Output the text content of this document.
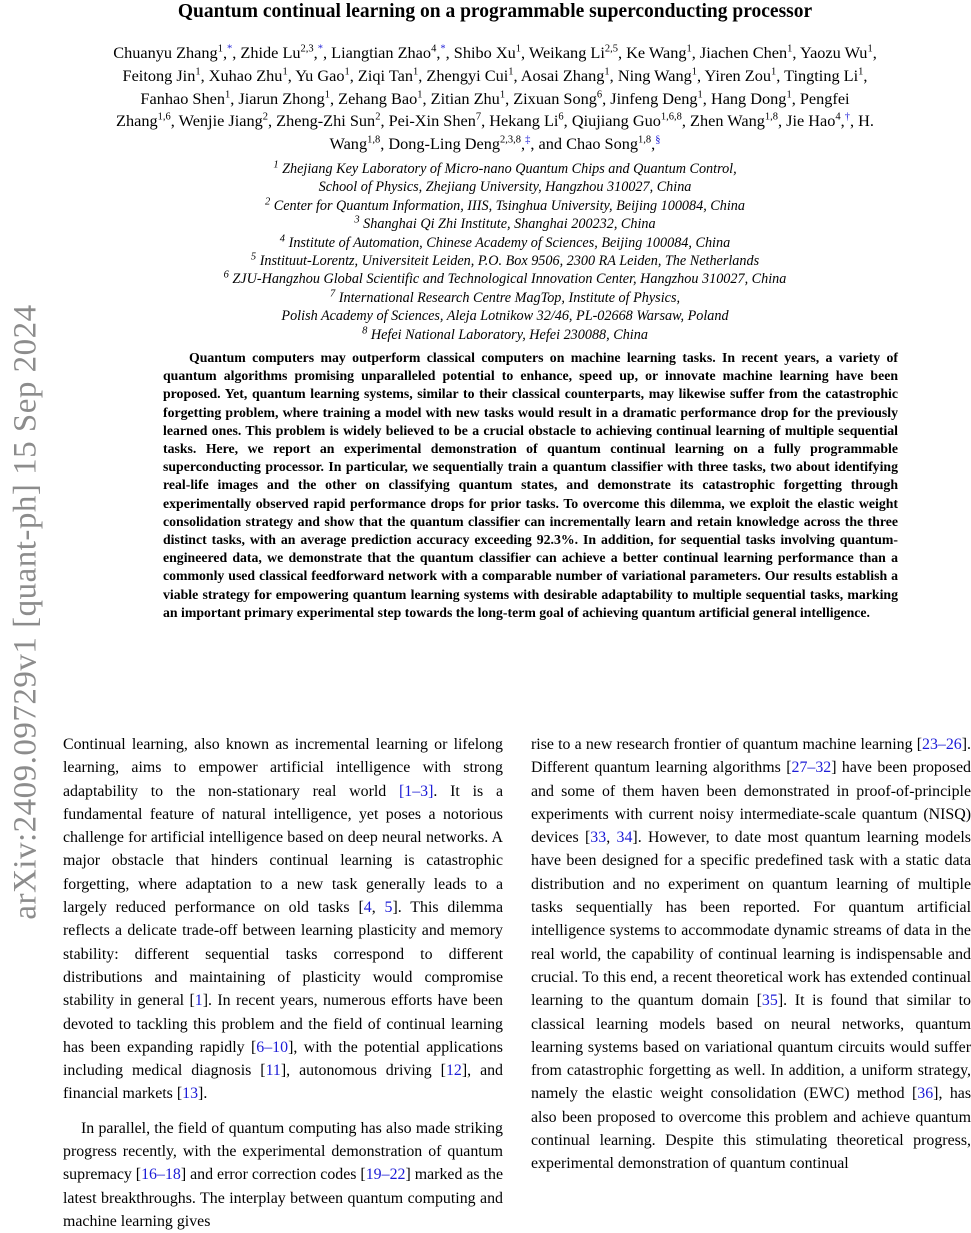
arXiv:2409.09729v1 [quant-ph] 15 Sep 2024
Quantum continual learning on a programmable superconducting processor
Chuanyu Zhang$^1$,*, Zhide Lu$^{2,3}$,*, Liangtian Zhao$^4$,*, Shibo Xu$^1$, Weikang Li$^{2,5}$, Ke Wang$^1$, Jiachen Chen$^1$, Yaozu Wu$^1$, Feitong Jin$^1$, Xuhao Zhu$^1$, Yu Gao$^1$, Ziqi Tan$^1$, Zhengyi Cui$^1$, Aosai Zhang$^1$, Ning Wang$^1$, Yiren Zou$^1$, Tingting Li$^1$, Fanhao Shen$^1$, Jiarun Zhong$^1$, Zehang Bao$^1$, Zitian Zhu$^1$, Zixuan Song$^6$, Jinfeng Deng$^1$, Hang Dong$^1$, Pengfei Zhang$^{1,6}$, Wenjie Jiang$^2$, Zheng-Zhi Sun$^2$, Pei-Xin Shen$^7$, Hekang Li$^6$, Qiujiang Guo$^{1,6,8}$, Zhen Wang$^{1,8}$, Jie Hao$^4$,†, H. Wang$^{1,8}$, Dong-Ling Deng$^{2,3,8}$,‡, and Chao Song$^{1,8}$,§
$^1$ Zhejiang Key Laboratory of Micro-nano Quantum Chips and Quantum Control,
School of Physics, Zhejiang University, Hangzhou 310027, China
$^2$ Center for Quantum Information, IIIS, Tsinghua University, Beijing 100084, China
$^3$ Shanghai Qi Zhi Institute, Shanghai 200232, China
$^4$ Institute of Automation, Chinese Academy of Sciences, Beijing 100084, China
$^5$ Instituut-Lorentz, Universiteit Leiden, P.O. Box 9506, 2300 RA Leiden, The Netherlands
$^6$ ZJU-Hangzhou Global Scientific and Technological Innovation Center, Hangzhou 310027, China
$^7$ International Research Centre MagTop, Institute of Physics,
Polish Academy of Sciences, Aleja Lotnikow 32/46, PL-02668 Warsaw, Poland
$^8$ Hefei National Laboratory, Hefei 230088, China
Quantum computers may outperform classical computers on machine learning tasks. In recent years, a variety of quantum algorithms promising unparalleled potential to enhance, speed up, or innovate machine learning have been proposed. Yet, quantum learning systems, similar to their classical counterparts, may likewise suffer from the catastrophic forgetting problem, where training a model with new tasks would result in a dramatic performance drop for the previously learned ones. This problem is widely believed to be a crucial obstacle to achieving continual learning of multiple sequential tasks. Here, we report an experimental demonstration of quantum continual learning on a fully programmable superconducting processor. In particular, we sequentially train a quantum classifier with three tasks, two about identifying real-life images and the other on classifying quantum states, and demonstrate its catastrophic forgetting through experimentally observed rapid performance drops for prior tasks. To overcome this dilemma, we exploit the elastic weight consolidation strategy and show that the quantum classifier can incrementally learn and retain knowledge across the three distinct tasks, with an average prediction accuracy exceeding 92.3%. In addition, for sequential tasks involving quantum-engineered data, we demonstrate that the quantum classifier can achieve a better continual learning performance than a commonly used classical feedforward network with a comparable number of variational parameters. Our results establish a viable strategy for empowering quantum learning systems with desirable adaptability to multiple sequential tasks, marking an important primary experimental step towards the long-term goal of achieving quantum artificial general intelligence.

Continual learning, also known as incremental learning or lifelong learning, aims to empower artificial intelligence with strong adaptability to the non-stationary real world [1–3]. It is a fundamental feature of natural intelligence, yet poses a notorious challenge for artificial intelligence based on deep neural networks. A major obstacle that hinders continual learning is catastrophic forgetting, where adaptation to a new task generally leads to a largely reduced performance on old tasks [4, 5]. This dilemma reflects a delicate trade-off between learning plasticity and memory stability: different sequential tasks correspond to different distributions and maintaining of plasticity would compromise stability in general [1]. In recent years, numerous efforts have been devoted to tackling this problem and the field of continual learning has been expanding rapidly [6–10], with the potential applications including medical diagnosis [11], autonomous driving [12], and financial markets [13].

In parallel, the field of quantum computing has also made striking progress recently, with the experimental demonstration of quantum supremacy [16–18] and error correction codes [19–22] marked as the latest breakthroughs. The interplay between quantum computing and machine learning gives

rise to a new research frontier of quantum machine learning [23–26]. Different quantum learning algorithms [27–32] have been proposed and some of them haven been demonstrated in proof-of-principle experiments with current noisy intermediate-scale quantum (NISQ) devices [33, 34]. However, to date most quantum learning models have been designed for a specific predefined task with a static data distribution and no experiment on quantum learning of multiple tasks sequentially has been reported. For quantum artificial intelligence systems to accommodate dynamic streams of data in the real world, the capability of continual learning is indispensable and crucial. To this end, a recent theoretical work has extended continual learning to the quantum domain [35]. It is found that similar to classical learning models based on neural networks, quantum learning systems based on variational quantum circuits would suffer from catastrophic forgetting as well. In addition, a uniform strategy, namely the elastic weight consolidation (EWC) method [36], has also been proposed to overcome this problem and achieve quantum continual learning. Despite this stimulating theoretical progress, experimental demonstration of quantum continual
